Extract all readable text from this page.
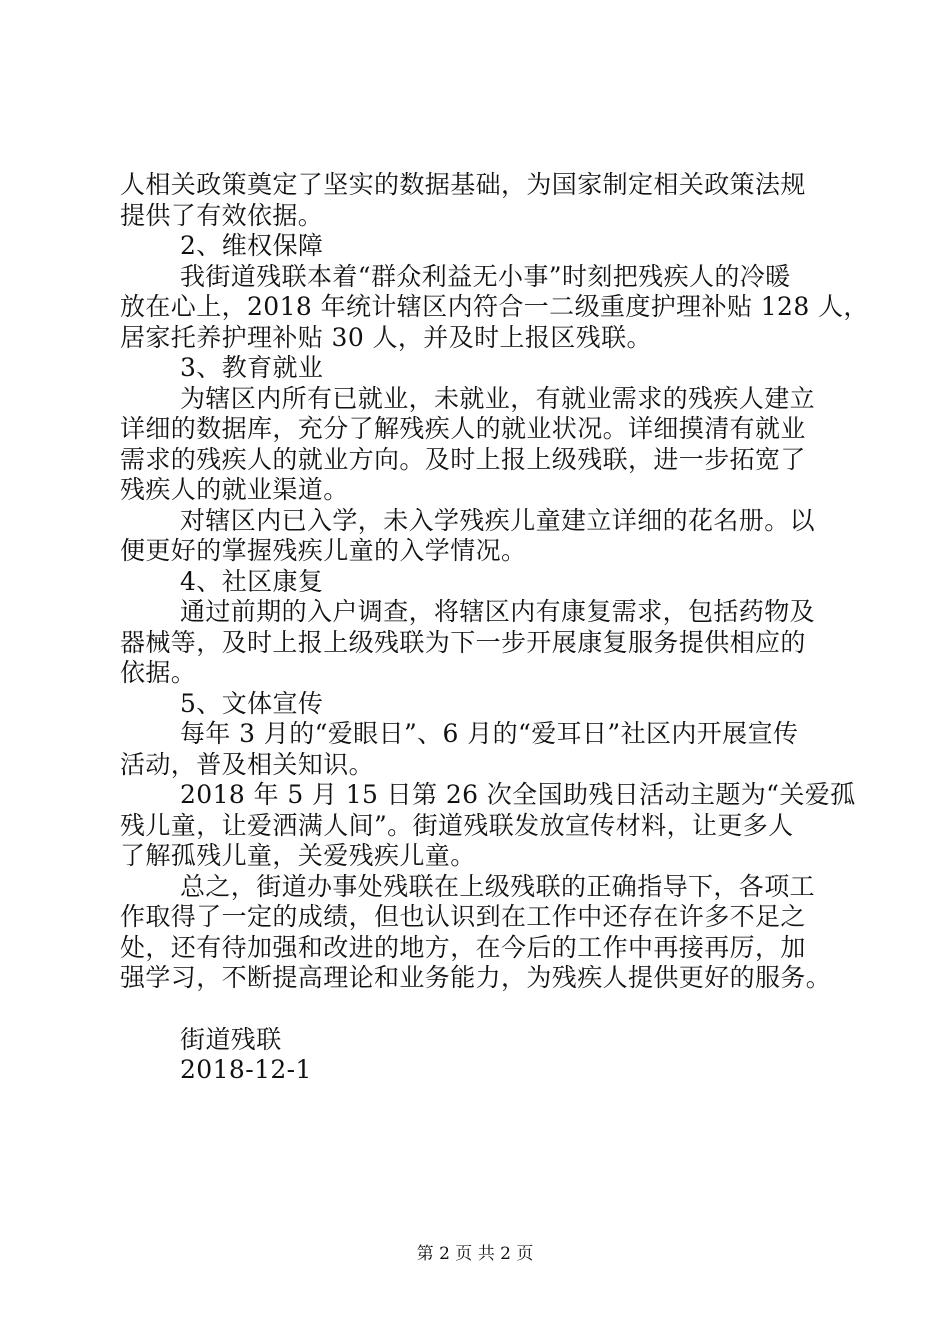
人相关政策奠定了坚实的数据基础，为国家制定相关政策法规
提供了有效依据。
2、维权保障
我街道残联本着“群众利益无小事”时刻把残疾人的冷暖
放在心上，2018 年统计辖区内符合一二级重度护理补贴 128 人，
居家托养护理补贴 30 人，并及时上报区残联。
3、教育就业
为辖区内所有已就业，未就业，有就业需求的残疾人建立
详细的数据库，充分了解残疾人的就业状况。详细摸清有就业
需求的残疾人的就业方向。及时上报上级残联，进一步拓宽了
残疾人的就业渠道。
对辖区内已入学，未入学残疾儿童建立详细的花名册。以
便更好的掌握残疾儿童的入学情况。
4、社区康复
通过前期的入户调查，将辖区内有康复需求，包括药物及
器械等，及时上报上级残联为下一步开展康复服务提供相应的
依据。
5、文体宣传
每年 3 月的“爱眼日”、6 月的“爱耳日”社区内开展宣传
活动，普及相关知识。
2018 年 5 月 15 日第 26 次全国助残日活动主题为“关爱孤
残儿童，让爱洒满人间”。街道残联发放宣传材料，让更多人
了解孤残儿童，关爱残疾儿童。
总之，街道办事处残联在上级残联的正确指导下，各项工
作取得了一定的成绩，但也认识到在工作中还存在许多不足之
处，还有待加强和改进的地方，在今后的工作中再接再厉，加
强学习，不断提高理论和业务能力，为残疾人提供更好的服务。
街道残联
2018-12-1
第 2 页 共 2 页
